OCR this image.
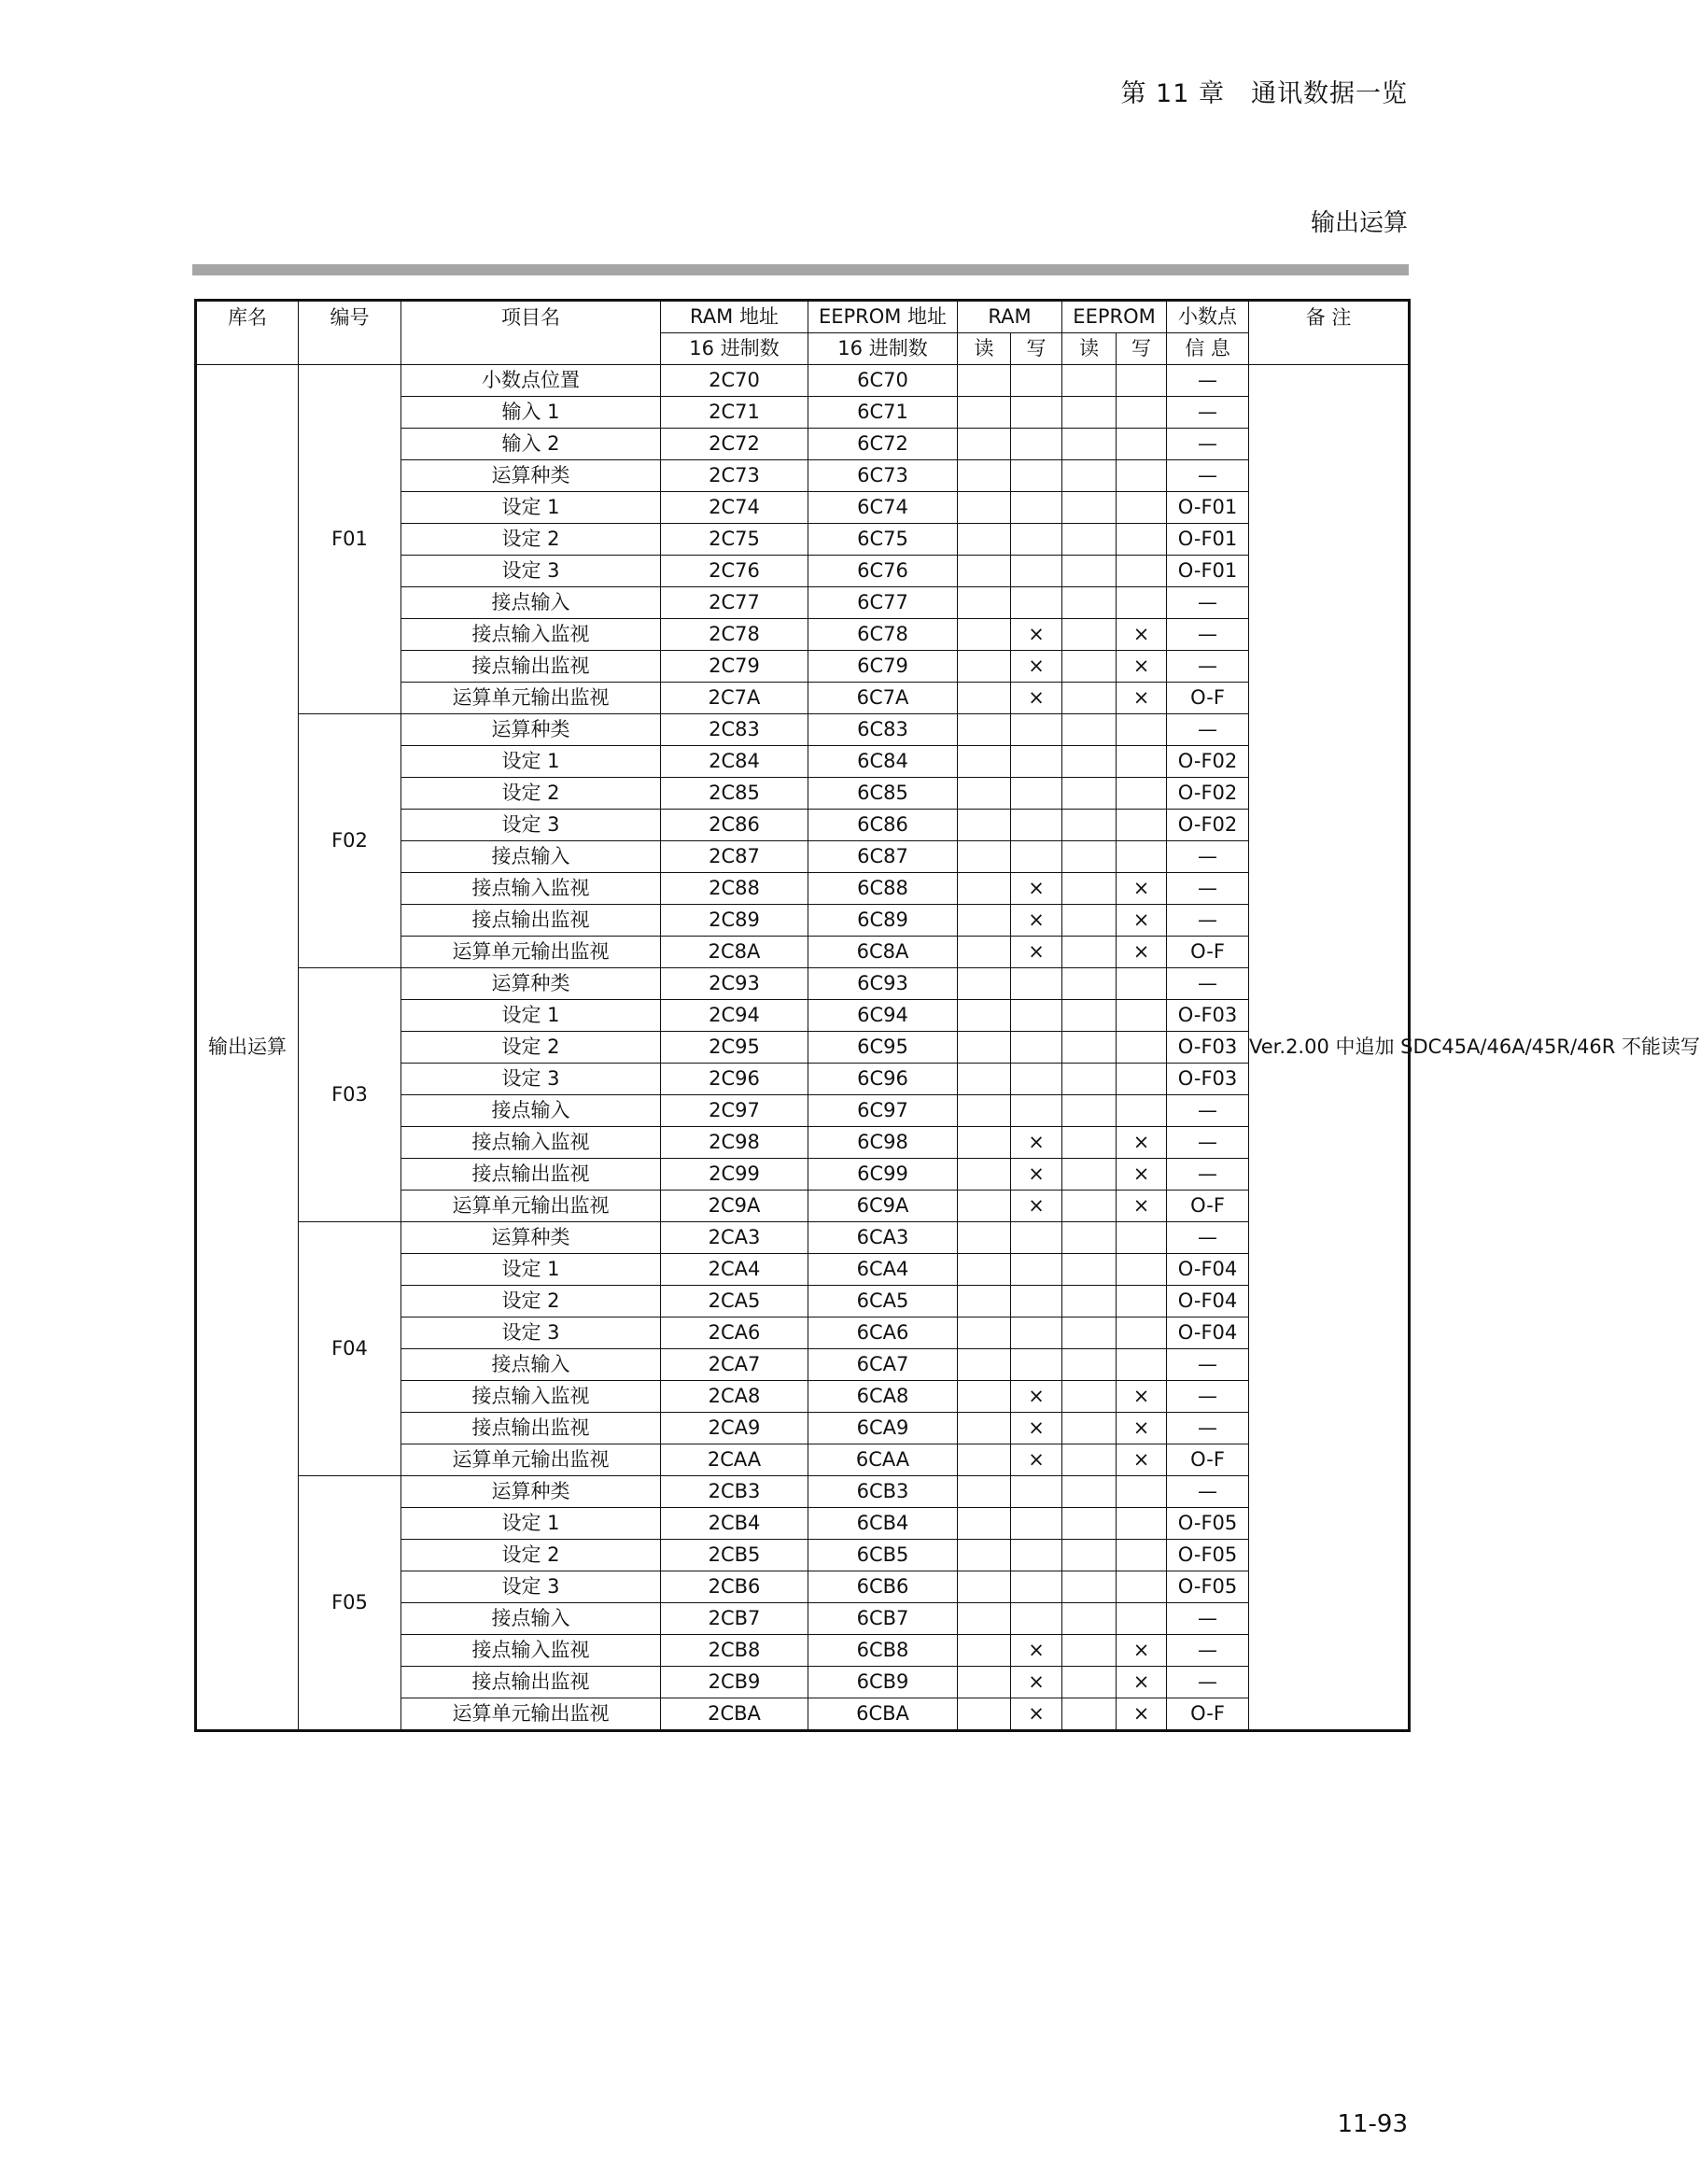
第 11 章　通讯数据一览
输出运算
库名	编号	项目名	RAM 地址	EEPROM 地址	RAM		EEPROM		小数点	备 注
			16 进制数	16 进制数	读	写	读	写	信 息	
输出运算	F01	小数点位置	2C70	6C70					—	Ver.2.00 中追加 SDC45A/46A/45R/46R 不能读写
		输入 1	2C71	6C71					—	
		输入 2	2C72	6C72					—	
		运算种类	2C73	6C73					—	
		设定 1	2C74	6C74					O-F01	
		设定 2	2C75	6C75					O-F01	
		设定 3	2C76	6C76					O-F01	
		接点输入	2C77	6C77					—	
		接点输入监视	2C78	6C78		×		×	—	
		接点输出监视	2C79	6C79		×		×	—	
		运算单元输出监视	2C7A	6C7A		×		×	O-F	
	F02	运算种类	2C83	6C83					—	
		设定 1	2C84	6C84					O-F02	
		设定 2	2C85	6C85					O-F02	
		设定 3	2C86	6C86					O-F02	
		接点输入	2C87	6C87					—	
		接点输入监视	2C88	6C88		×		×	—	
		接点输出监视	2C89	6C89		×		×	—	
		运算单元输出监视	2C8A	6C8A		×		×	O-F	
	F03	运算种类	2C93	6C93					—	
		设定 1	2C94	6C94					O-F03	
		设定 2	2C95	6C95					O-F03	
		设定 3	2C96	6C96					O-F03	
		接点输入	2C97	6C97					—	
		接点输入监视	2C98	6C98		×		×	—	
		接点输出监视	2C99	6C99		×		×	—	
		运算单元输出监视	2C9A	6C9A		×		×	O-F	
	F04	运算种类	2CA3	6CA3					—	
		设定 1	2CA4	6CA4					O-F04	
		设定 2	2CA5	6CA5					O-F04	
		设定 3	2CA6	6CA6					O-F04	
		接点输入	2CA7	6CA7					—	
		接点输入监视	2CA8	6CA8		×		×	—	
		接点输出监视	2CA9	6CA9		×		×	—	
		运算单元输出监视	2CAA	6CAA		×		×	O-F	
	F05	运算种类	2CB3	6CB3					—	
		设定 1	2CB4	6CB4					O-F05	
		设定 2	2CB5	6CB5					O-F05	
		设定 3	2CB6	6CB6					O-F05	
		接点输入	2CB7	6CB7					—	
		接点输入监视	2CB8	6CB8		×		×	—	
		接点输出监视	2CB9	6CB9		×		×	—	
		运算单元输出监视	2CBA	6CBA		×		×	O-F	
11-93
